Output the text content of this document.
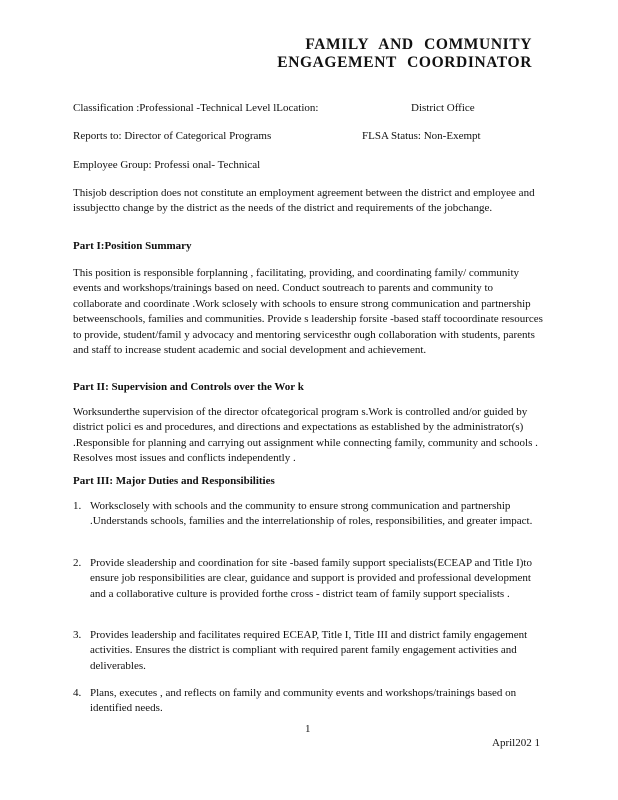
FAMILY AND COMMUNITY
ENGAGEMENT COORDINATOR
Classification :Professional -Technical Level lLocation:	District Office
Reports to: Director of Categorical Programs	FLSA Status: Non-Exempt
Employee Group: Professi onal- Technical
Thisjob description does not constitute an employment agreement between the district and employee and issubjectto change by the district as the needs of the district and requirements of the jobchange.
Part I:Position Summary
This position is responsible forplanning , facilitating, providing, and coordinating family/ community events and workshops/trainings based on need. Conduct soutreach to parents and community to collaborate and coordinate .Work sclosely with schools to ensure strong communication and partnership betweenschools, families and communities. Provide s leadership forsite -based staff tocoordinate resources to provide, student/famil y advocacy and mentoring servicesthr ough collaboration with students, parents and staff to increase student academic and social development and achievement.
Part II: Supervision and Controls over the Wor k
Worksunderthe supervision of the director ofcategorical program s.Work is controlled and/or guided by district polici es and procedures, and directions and expectations as established by the administrator(s) .Responsible for planning and carrying out assignment while connecting family, community and schools . Resolves most issues and conflicts independently .
Part III: Major Duties and Responsibilities
1. Worksclosely with schools and the community to ensure strong communication and partnership .Understands schools, families and the interrelationship of roles, responsibilities, and greater impact.
2. Provide sleadership and coordination for site -based family support specialists(ECEAP and Title I)to ensure job responsibilities are clear, guidance and support is provided and professional development and a collaborative culture is provided forthe cross - district team of family support specialists .
3. Provides leadership and facilitates required ECEAP, Title I, Title III and district family engagement activities. Ensures the district is compliant with required parent family engagement activities and deliverables.
4. Plans, executes , and reflects on family and community events and workshops/trainings based on identified needs.
1
April202 1
